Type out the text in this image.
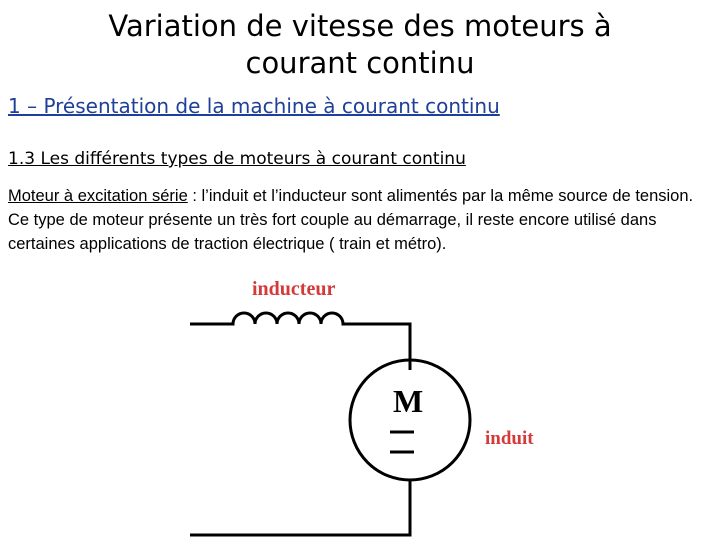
Variation de vitesse des moteurs à
courant continu
1 – Présentation de la machine à courant continu
1.3 Les différents types de moteurs à courant continu
Moteur à excitation série : l’induit et l’inducteur sont alimentés par la même source de tension. Ce type de moteur présente un très fort couple au démarrage, il reste encore utilisé dans certaines applications de traction électrique ( train et métro).
inducteur
M
induit
